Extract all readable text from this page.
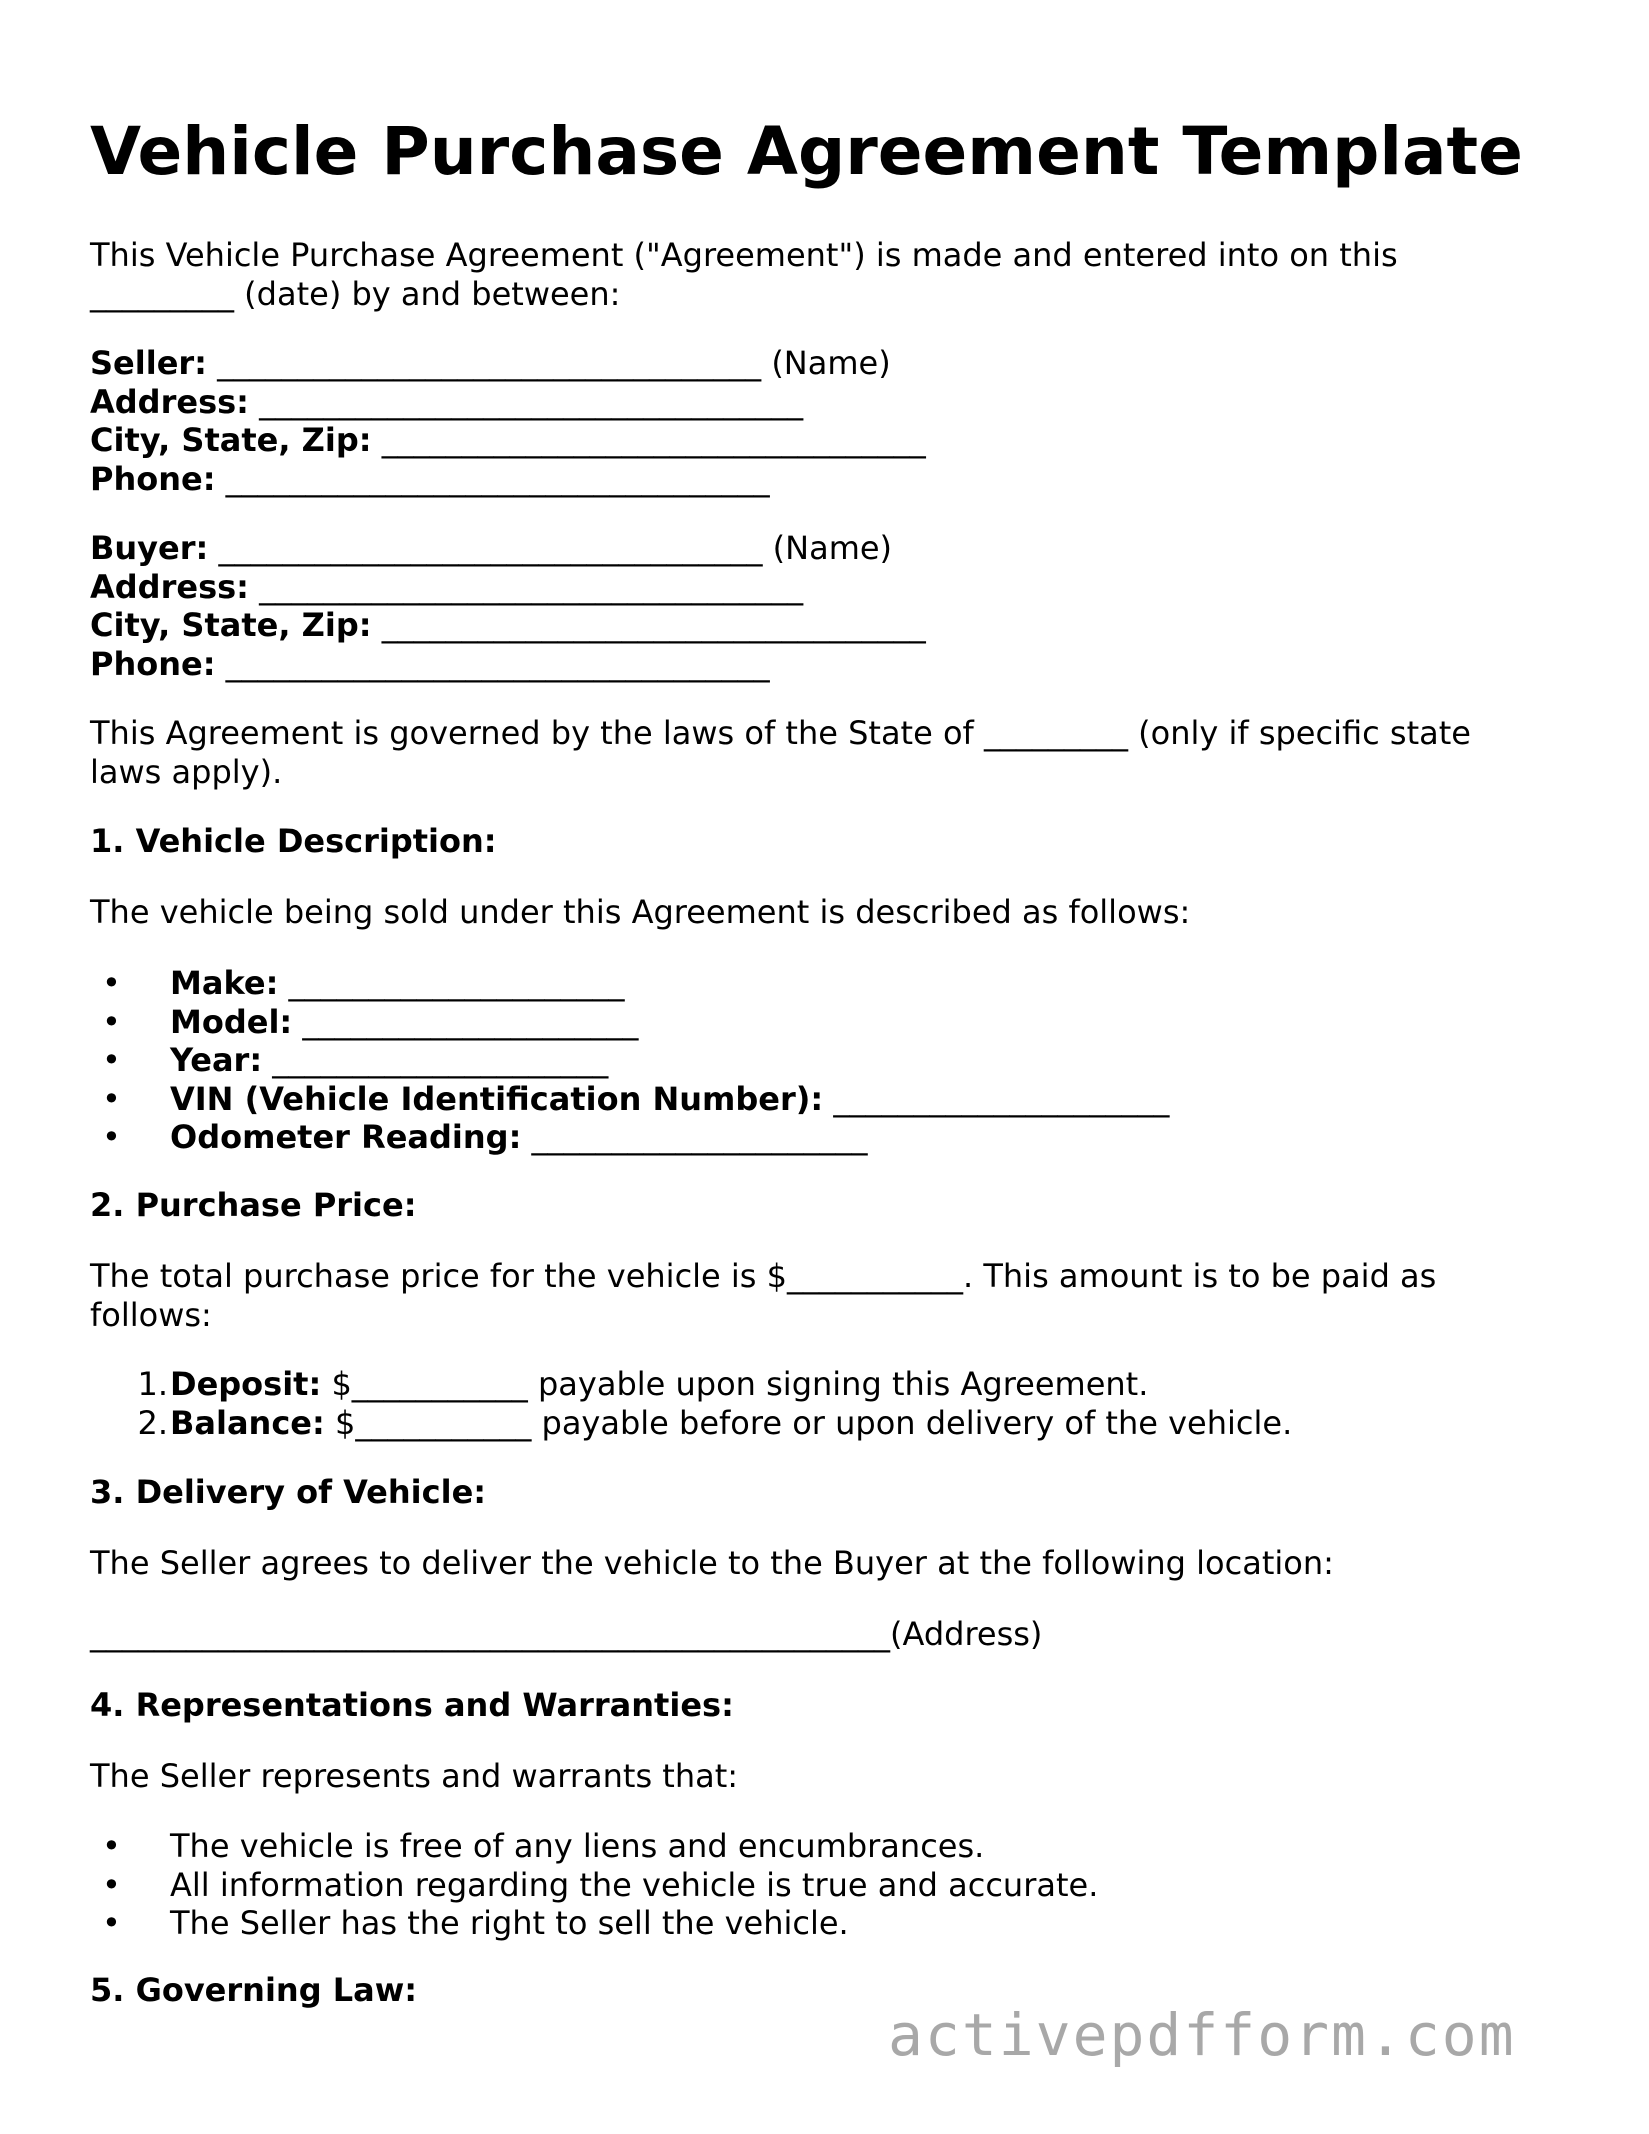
Vehicle Purchase Agreement Template

This Vehicle Purchase Agreement ("Agreement") is made and entered into on this

_________ (date) by and between:

Seller: __________________________________ (Name)

Address: __________________________________

City, State, Zip: __________________________________

Phone: __________________________________

Buyer: __________________________________ (Name)

Address: __________________________________

City, State, Zip: __________________________________

Phone: __________________________________

This Agreement is governed by the laws of the State of _________ (only if specific state

laws apply).

1. Vehicle Description:
The vehicle being sold under this Agreement is described as follows:
•	Make: _____________________
•	Model: _____________________
•	Year: _____________________
•	VIN (Vehicle Identification Number): _____________________
•	Odometer Reading: _____________________
2. Purchase Price:

The total purchase price for the vehicle is $___________. This amount is to be paid as

follows:

1. Deposit: $___________ payable upon signing this Agreement.
2. Balance: $___________ payable before or upon delivery of the vehicle.
3. Delivery of Vehicle:
The Seller agrees to deliver the vehicle to the Buyer at the following location:
__________________________________________________(Address)
4. Representations and Warranties:
The Seller represents and warrants that:
•	The vehicle is free of any liens and encumbrances.
•	All information regarding the vehicle is true and accurate.
•	The Seller has the right to sell the vehicle.
5. Governing Law:
activepdfform.com
